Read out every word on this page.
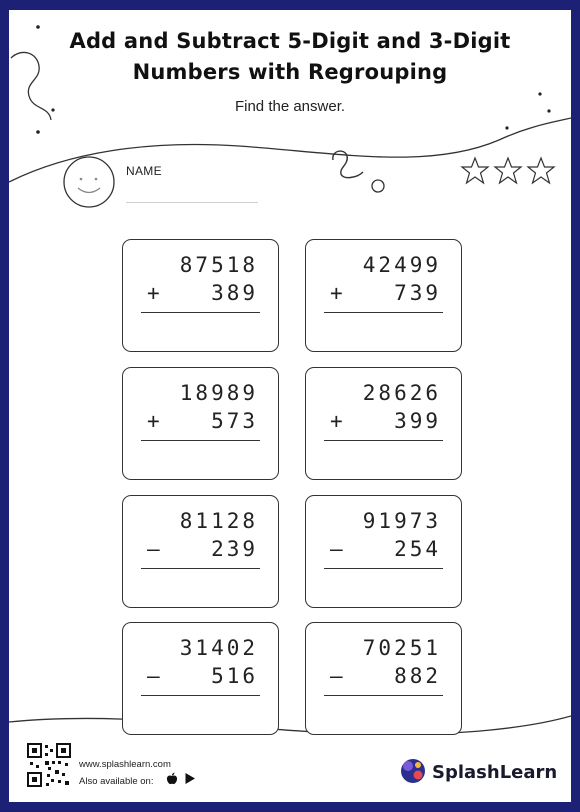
Add and Subtract 5-Digit and 3-Digit
Numbers with Regrouping
Find the answer.
NAME
87518
+ 389
42499
+ 739
18989
+ 573
28626
+ 399
81128
– 239
91973
– 254
31402
– 516
70251
– 882
www.splashlearn.com
Also available on:
	SplashLearn
